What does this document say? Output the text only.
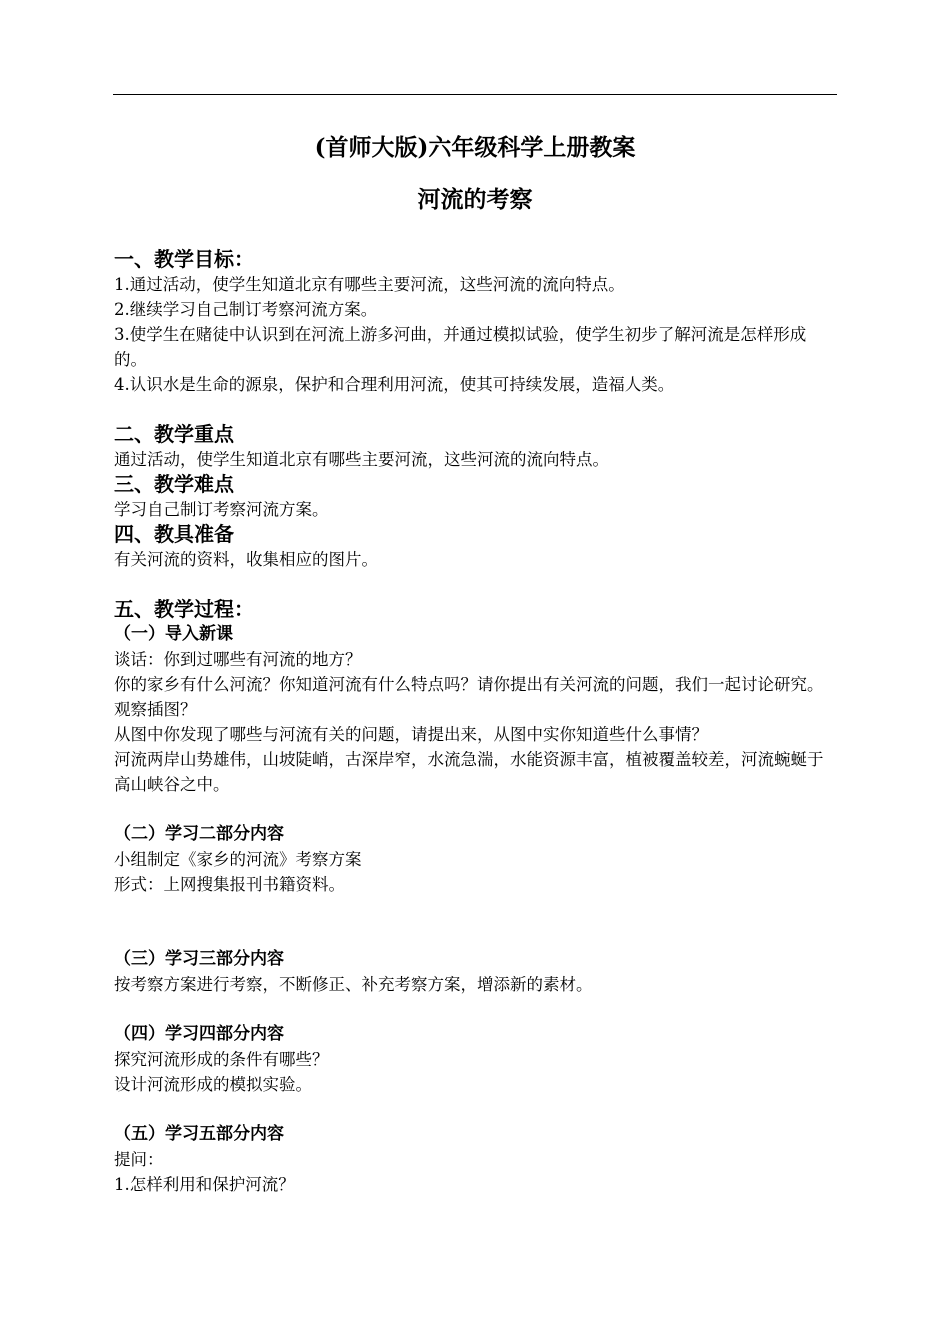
(首师大版)六年级科学上册教案
河流的考察
一、教学目标：
1.通过活动，使学生知道北京有哪些主要河流，这些河流的流向特点。
2.继续学习自己制订考察河流方案。
3.使学生在赌徒中认识到在河流上游多河曲，并通过模拟试验，使学生初步了解河流是怎样形成的。
4.认识水是生命的源泉，保护和合理利用河流，使其可持续发展，造福人类。
二、教学重点
通过活动，使学生知道北京有哪些主要河流，这些河流的流向特点。
三、教学难点
学习自己制订考察河流方案。
四、教具准备
有关河流的资料，收集相应的图片。
五、教学过程：
（一）导入新课
谈话：你到过哪些有河流的地方？
你的家乡有什么河流？你知道河流有什么特点吗？请你提出有关河流的问题，我们一起讨论研究。
观察插图？
从图中你发现了哪些与河流有关的问题，请提出来，从图中实你知道些什么事情？
河流两岸山势雄伟，山坡陡峭，古深岸窄，水流急湍，水能资源丰富，植被覆盖较差，河流蜿蜒于高山峡谷之中。
（二）学习二部分内容
小组制定《家乡的河流》考察方案
形式：上网搜集报刊书籍资料。
（三）学习三部分内容
按考察方案进行考察，不断修正、补充考察方案，增添新的素材。
（四）学习四部分内容
探究河流形成的条件有哪些？
设计河流形成的模拟实验。
（五）学习五部分内容
提问：
1.怎样利用和保护河流？
